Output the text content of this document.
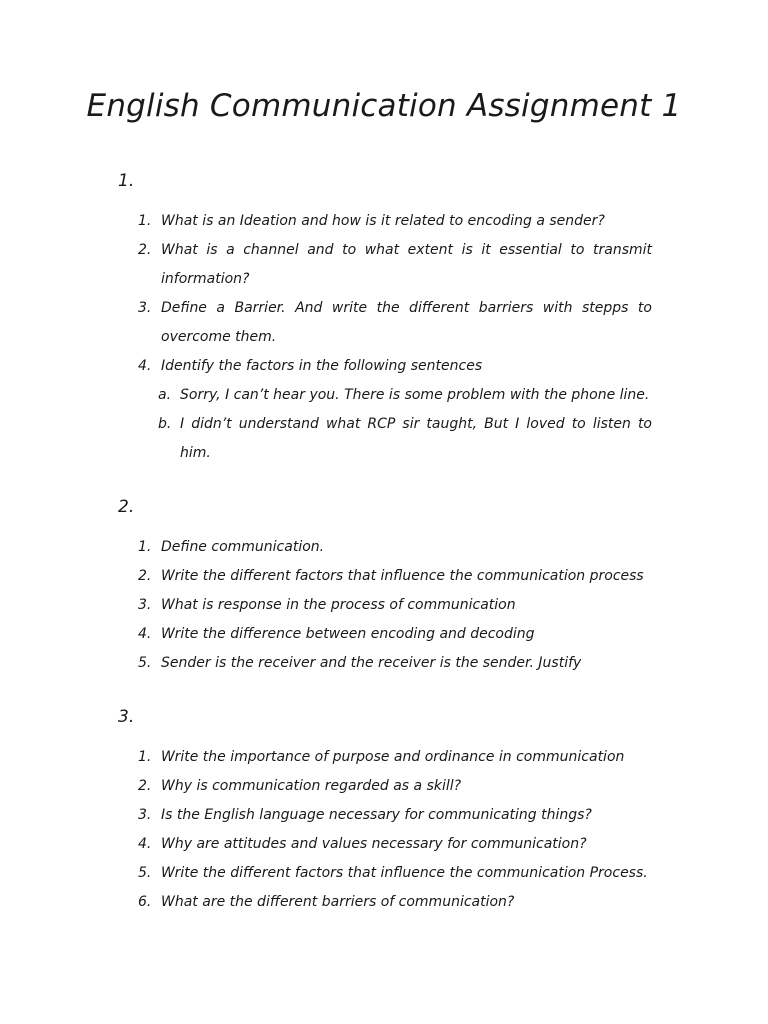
English Communication Assignment 1
1.
1. What is an Ideation and how is it related to encoding a sender?
2. What is a channel and to what extent is it essential to transmit information?
3. Define a Barrier. And write the different barriers with stepps to overcome them.
4. Identify the factors in the following sentences
a. Sorry, I can’t hear you. There is some problem with the phone line.
b. I didn’t understand what RCP sir taught, But I loved to listen to him.
2.
1. Define communication.
2. Write the different factors that influence the communication process
3. What is response in the process of communication
4. Write the difference between encoding and decoding
5. Sender is the receiver and the receiver is the sender. Justify
3.
1. Write the importance of purpose and ordinance in communication
2. Why is communication regarded as a skill?
3. Is the English language necessary for communicating things?
4. Why are attitudes and values necessary for communication?
5. Write the different factors that influence the communication Process.
6. What are the different barriers of communication?
